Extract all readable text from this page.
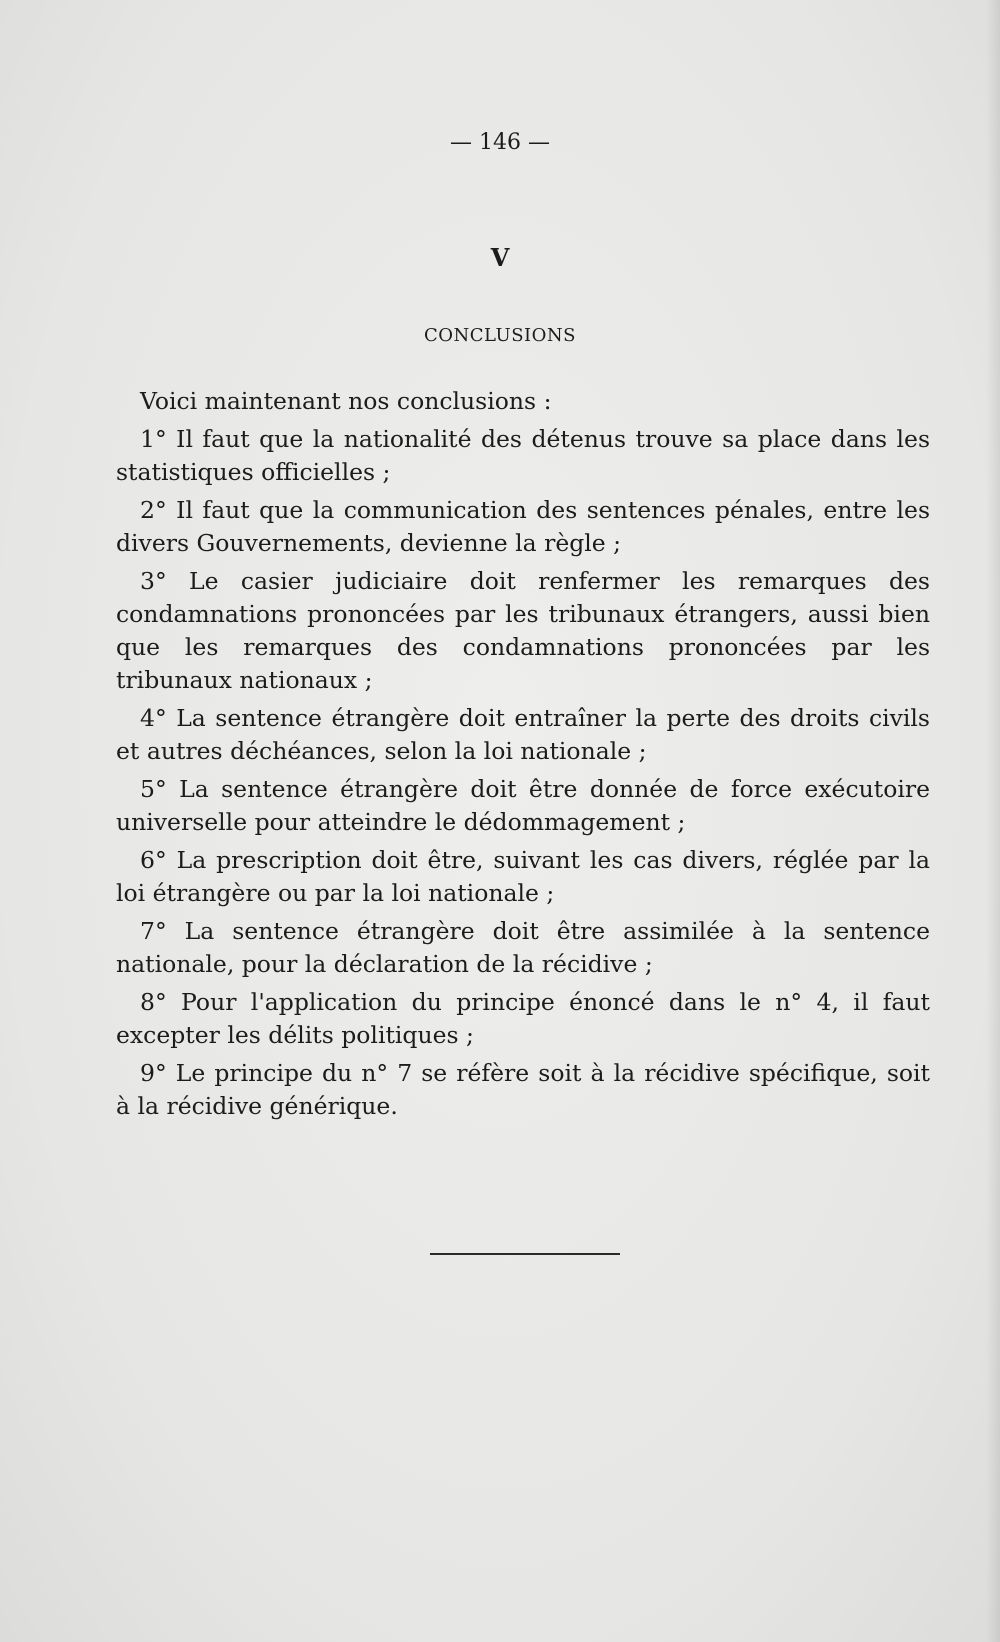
— 146 —
V
CONCLUSIONS

Voici maintenant nos conclusions :

1° Il faut que la nationalité des détenus trouve sa place dans les statistiques officielles ;

2° Il faut que la communication des sentences pénales, entre les divers Gouvernements, devienne la règle ;

3° Le casier judiciaire doit renfermer les remarques des condamnations prononcées par les tribunaux étrangers, aussi bien que les remarques des condamnations prononcées par les tribunaux nationaux ;

4° La sentence étrangère doit entraîner la perte des droits civils et autres déchéances, selon la loi nationale ;

5° La sentence étrangère doit être donnée de force exécutoire universelle pour atteindre le dédommagement ;

6° La prescription doit être, suivant les cas divers, réglée par la loi étrangère ou par la loi nationale ;

7° La sentence étrangère doit être assimilée à la sentence nationale, pour la déclaration de la récidive ;

8° Pour l'application du principe énoncé dans le n° 4, il faut excepter les délits politiques ;

9° Le principe du n° 7 se réfère soit à la récidive spécifique, soit à la récidive générique.
